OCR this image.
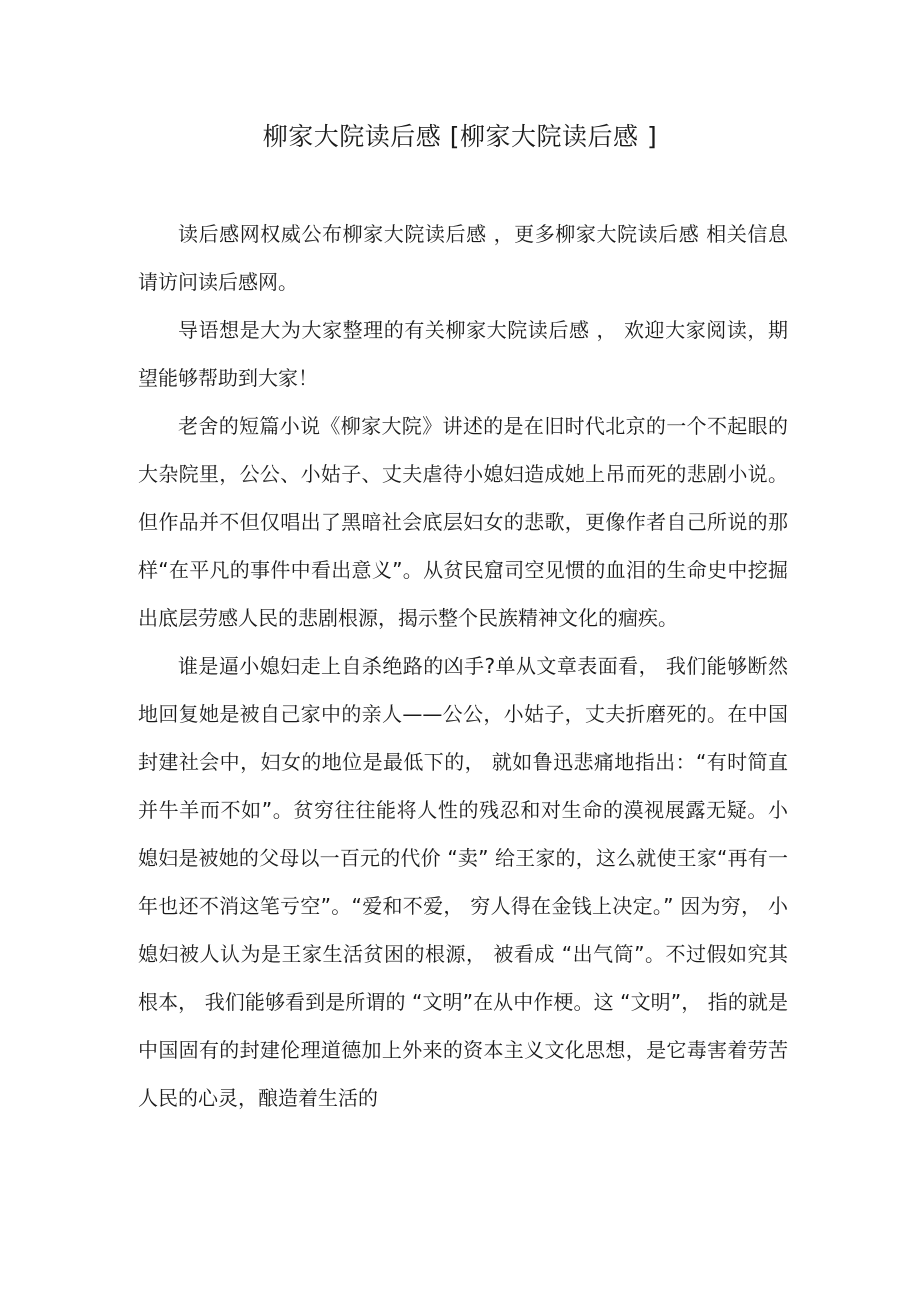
柳家大院读后感 [柳家大院读后感 ]

读后感网权威公布柳家大院读后感 ，更多柳家大院读后感 相关信息请访问读后感网。

导语想是大为大家整理的有关柳家大院读后感 ， 欢迎大家阅读，期望能够帮助到大家！

老舍的短篇小说《柳家大院》讲述的是在旧时代北京的一个不起眼的大杂院里，公公、小姑子、丈夫虐待小媳妇造成她上吊而死的悲剧小说。但作品并不但仅唱出了黑暗社会底层妇女的悲歌，更像作者自己所说的那样“在平凡的事件中看出意义”。从贫民窟司空见惯的血泪的生命史中挖掘出底层劳感人民的悲剧根源，揭示整个民族精神文化的痼疾。

谁是逼小媳妇走上自杀绝路的凶手?单从文章表面看， 我们能够断然地回复她是被自己家中的亲人——公公，小姑子，丈夫折磨死的。在中国封建社会中，妇女的地位是最低下的， 就如鲁迅悲痛地指出：“有时简直并牛羊而不如”。贫穷往往能将人性的残忍和对生命的漠视展露无疑。小媳妇是被她的父母以一百元的代价 “卖” 给王家的，这么就使王家“再有一年也还不消这笔亏空”。“爱和不爱， 穷人得在金钱上决定。” 因为穷， 小媳妇被人认为是王家生活贫困的根源， 被看成 “出气筒”。不过假如究其根本， 我们能够看到是所谓的 “文明”在从中作梗。这 “文明”， 指的就是中国固有的封建伦理道德加上外来的资本主义文化思想，是它毒害着劳苦人民的心灵，酿造着生活的
